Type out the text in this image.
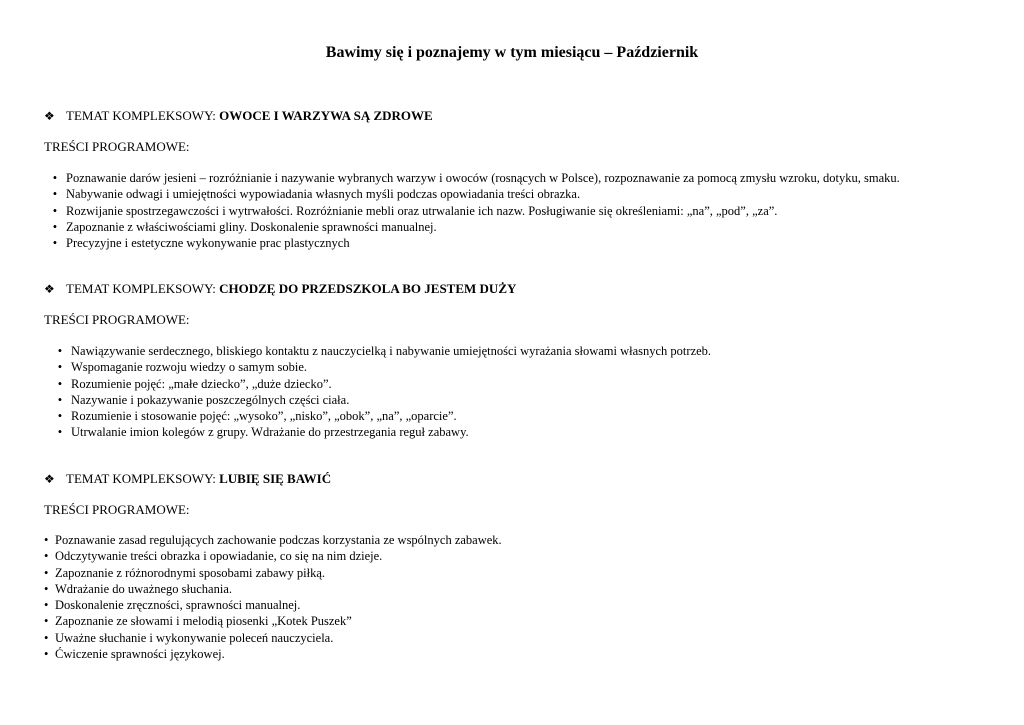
Bawimy się i poznajemy w tym miesiącu – Październik
❖ TEMAT KOMPLEKSOWY:
OWOCE I WARZYWA SĄ ZDROWE
TREŚCI PROGRAMOWE:
• Poznawanie darów jesieni – rozróżnianie i nazywanie wybranych warzyw i owoców (rosnących w Polsce), rozpoznawanie za pomocą zmysłu wzroku, dotyku, smaku.
• Nabywanie odwagi i umiejętności wypowiadania własnych myśli podczas opowiadania treści obrazka.
• Rozwijanie spostrzegawczości i wytrwałości. Rozróżnianie mebli oraz utrwalanie ich nazw. Posługiwanie się określeniami: „na”, „pod”, „za”.
• Zapoznanie z właściwościami gliny. Doskonalenie sprawności manualnej.
• Precyzyjne i estetyczne wykonywanie prac plastycznych
❖ TEMAT KOMPLEKSOWY:
CHODZĘ DO PRZEDSZKOLA BO JESTEM DUŻY
TREŚCI PROGRAMOWE:
• Nawiązywanie serdecznego, bliskiego kontaktu z nauczycielką i nabywanie umiejętności wyrażania słowami własnych potrzeb.
• Wspomaganie rozwoju wiedzy o samym sobie.
• Rozumienie pojęć: „małe dziecko”, „duże dziecko”.
• Nazywanie i pokazywanie poszczególnych części ciała.
• Rozumienie i stosowanie pojęć: „wysoko”, „nisko”, „obok”, „na”, „oparcie”.
• Utrwalanie imion kolegów z grupy. Wdrażanie do przestrzegania reguł zabawy.
❖ TEMAT KOMPLEKSOWY:
LUBIĘ SIĘ BAWIĆ
TREŚCI PROGRAMOWE:
• Poznawanie zasad regulujących zachowanie podczas korzystania ze wspólnych zabawek.
• Odczytywanie treści obrazka i opowiadanie, co się na nim dzieje.
• Zapoznanie z różnorodnymi sposobami zabawy piłką.
• Wdrażanie do uważnego słuchania.
• Doskonalenie zręczności, sprawności manualnej.
• Zapoznanie ze słowami i melodią piosenki „Kotek Puszek”
• Uważne słuchanie i wykonywanie poleceń nauczyciela.
• Ćwiczenie sprawności językowej.
